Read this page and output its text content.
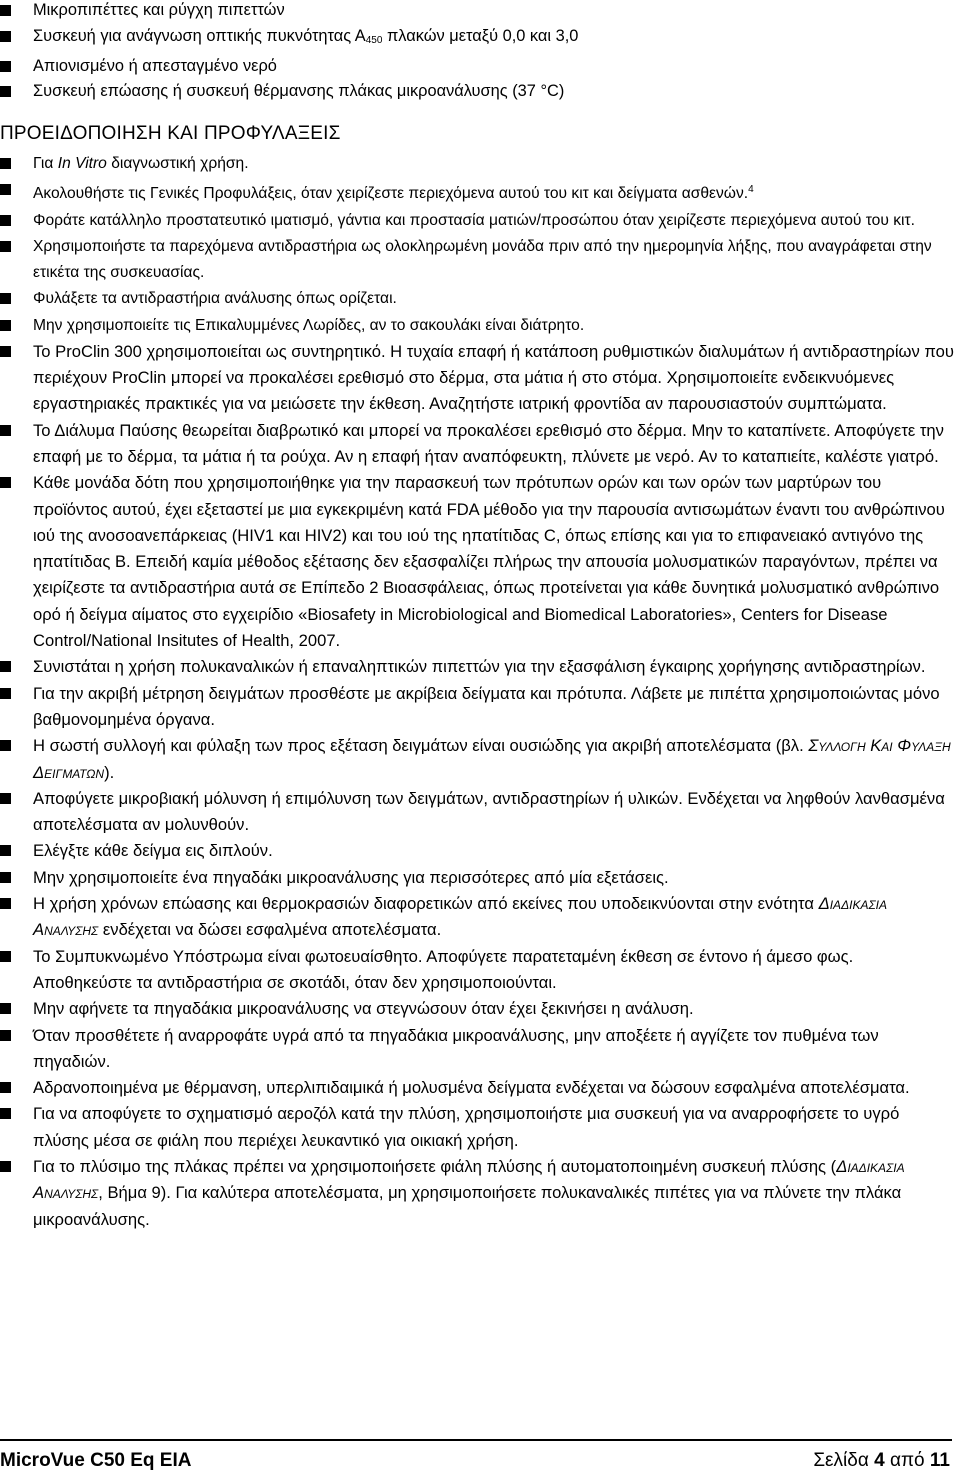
Μικροπιπέττες και ρύγχη πιπεττών

Συσκευή για ανάγνωση οπτικής πυκνότητας $A_{450}$ πλακών μεταξύ 0,0 και 3,0

Απιονισμένο ή απεσταγμένο νερό

Συσκευή επώασης ή συσκευή θέρμανσης πλάκας μικροανάλυσης (37 °C)

ΠΡΟΕΙΔΟΠΟΙΗΣΗ ΚΑΙ ΠΡΟΦΥΛΑΞΕΙΣ

Για In Vitro διαγνωστική χρήση.

Ακολουθήστε τις Γενικές Προφυλάξεις, όταν χειρίζεστε περιεχόμενα αυτού του κιτ και δείγματα ασθενών.$^4$

Φοράτε κατάλληλο προστατευτικό ιματισμό, γάντια και προστασία ματιών/προσώπου όταν χειρίζεστε περιεχόμενα αυτού του κιτ.

Χρησιμοποιήστε τα παρεχόμενα αντιδραστήρια ως ολοκληρωμένη μονάδα πριν από την ημερομηνία λήξης, που αναγράφεται στην ετικέτα της συσκευασίας.

Φυλάξετε τα αντιδραστήρια ανάλυσης όπως ορίζεται.

Μην χρησιμοποιείτε τις Επικαλυμμένες Λωρίδες, αν το σακουλάκι είναι διάτρητο.

Το ProClin 300 χρησιμοποιείται ως συντηρητικό. Η τυχαία επαφή ή κατάποση ρυθμιστικών διαλυμάτων ή αντιδραστηρίων που περιέχουν ProClin μπορεί να προκαλέσει ερεθισμό στο δέρμα, στα μάτια ή στο στόμα. Χρησιμοποιείτε ενδεικνυόμενες εργαστηριακές πρακτικές για να μειώσετε την έκθεση. Αναζητήστε ιατρική φροντίδα αν παρουσιαστούν συμπτώματα.

Το Διάλυμα Παύσης θεωρείται διαβρωτικό και μπορεί να προκαλέσει ερεθισμό στο δέρμα. Μην το καταπίνετε. Αποφύγετε την επαφή με το δέρμα, τα μάτια ή τα ρούχα. Αν η επαφή ήταν αναπόφευκτη, πλύνετε με νερό. Αν το καταπιείτε, καλέστε γιατρό.

Κάθε μονάδα δότη που χρησιμοποιήθηκε για την παρασκευή των πρότυπων ορών και των ορών των μαρτύρων του προϊόντος αυτού, έχει εξεταστεί με μια εγκεκριμένη κατά FDA μέθοδο για την παρουσία αντισωμάτων έναντι του ανθρώπινου ιού της ανοσοανεπάρκειας (HIV1 και HIV2) και του ιού της ηπατίτιδας C, όπως επίσης και για το επιφανειακό αντιγόνο της ηπατίτιδας Β. Επειδή καμία μέθοδος εξέτασης δεν εξασφαλίζει πλήρως την απουσία μολυσματικών παραγόντων, πρέπει να χειρίζεστε τα αντιδραστήρια αυτά σε Επίπεδο 2 Βιοασφάλειας, όπως προτείνεται για κάθε δυνητικά μολυσματικό ανθρώπινο ορό ή δείγμα αίματος στο εγχειρίδιο «Biosafety in Microbiological and Biomedical Laboratories», Centers for Disease Control/National Insitutes of Health, 2007.

Συνιστάται η χρήση πολυκαναλικών ή επαναληπτικών πιπεττών για την εξασφάλιση έγκαιρης χορήγησης αντιδραστηρίων.

Για την ακριβή μέτρηση δειγμάτων προσθέστε με ακρίβεια δείγματα και πρότυπα. Λάβετε με πιπέττα χρησιμοποιώντας μόνο βαθμονομημένα όργανα.

Η σωστή συλλογή και φύλαξη των προς εξέταση δειγμάτων είναι ουσιώδης για ακριβή αποτελέσματα (βλ. Συλλογη Και Φυλαξη Δειγματων).

Αποφύγετε μικροβιακή μόλυνση ή επιμόλυνση των δειγμάτων, αντιδραστηρίων ή υλικών. Ενδέχεται να ληφθούν λανθασμένα αποτελέσματα αν μολυνθούν.

Ελέγξτε κάθε δείγμα εις διπλούν.

Μην χρησιμοποιείτε ένα πηγαδάκι μικροανάλυσης για περισσότερες από μία εξετάσεις.

Η χρήση χρόνων επώασης και θερμοκρασιών διαφορετικών από εκείνες που υποδεικνύονται στην ενότητα Διαδικασια Αναλυσης ενδέχεται να δώσει εσφαλμένα αποτελέσματα.

Το Συμπυκνωμένο Υπόστρωμα είναι φωτοευαίσθητο. Αποφύγετε παρατεταμένη έκθεση σε έντονο ή άμεσο φως. Αποθηκεύστε τα αντιδραστήρια σε σκοτάδι, όταν δεν χρησιμοποιούνται.

Μην αφήνετε τα πηγαδάκια μικροανάλυσης να στεγνώσουν όταν έχει ξεκινήσει η ανάλυση.

Όταν προσθέτετε ή αναρροφάτε υγρά από τα πηγαδάκια μικροανάλυσης, μην αποξέετε ή αγγίζετε τον πυθμένα των πηγαδιών.

Αδρανοποιημένα με θέρμανση, υπερλιπιδαιμικά ή μολυσμένα δείγματα ενδέχεται να δώσουν εσφαλμένα αποτελέσματα.

Για να αποφύγετε το σχηματισμό αεροζόλ κατά την πλύση, χρησιμοποιήστε μια συσκευή για να αναρροφήσετε το υγρό πλύσης μέσα σε φιάλη που περιέχει λευκαντικό για οικιακή χρήση.

Για το πλύσιμο της πλάκας πρέπει να χρησιμοποιήσετε φιάλη πλύσης ή αυτοματοποιημένη συσκευή πλύσης (Διαδικασια Αναλυσης, Βήμα 9). Για καλύτερα αποτελέσματα, μη χρησιμοποιήσετε πολυκαναλικές πιπέτες για να πλύνετε την πλάκα μικροανάλυσης.

MicroVue C50 Eq EIA	Σελίδα 4 από 11
